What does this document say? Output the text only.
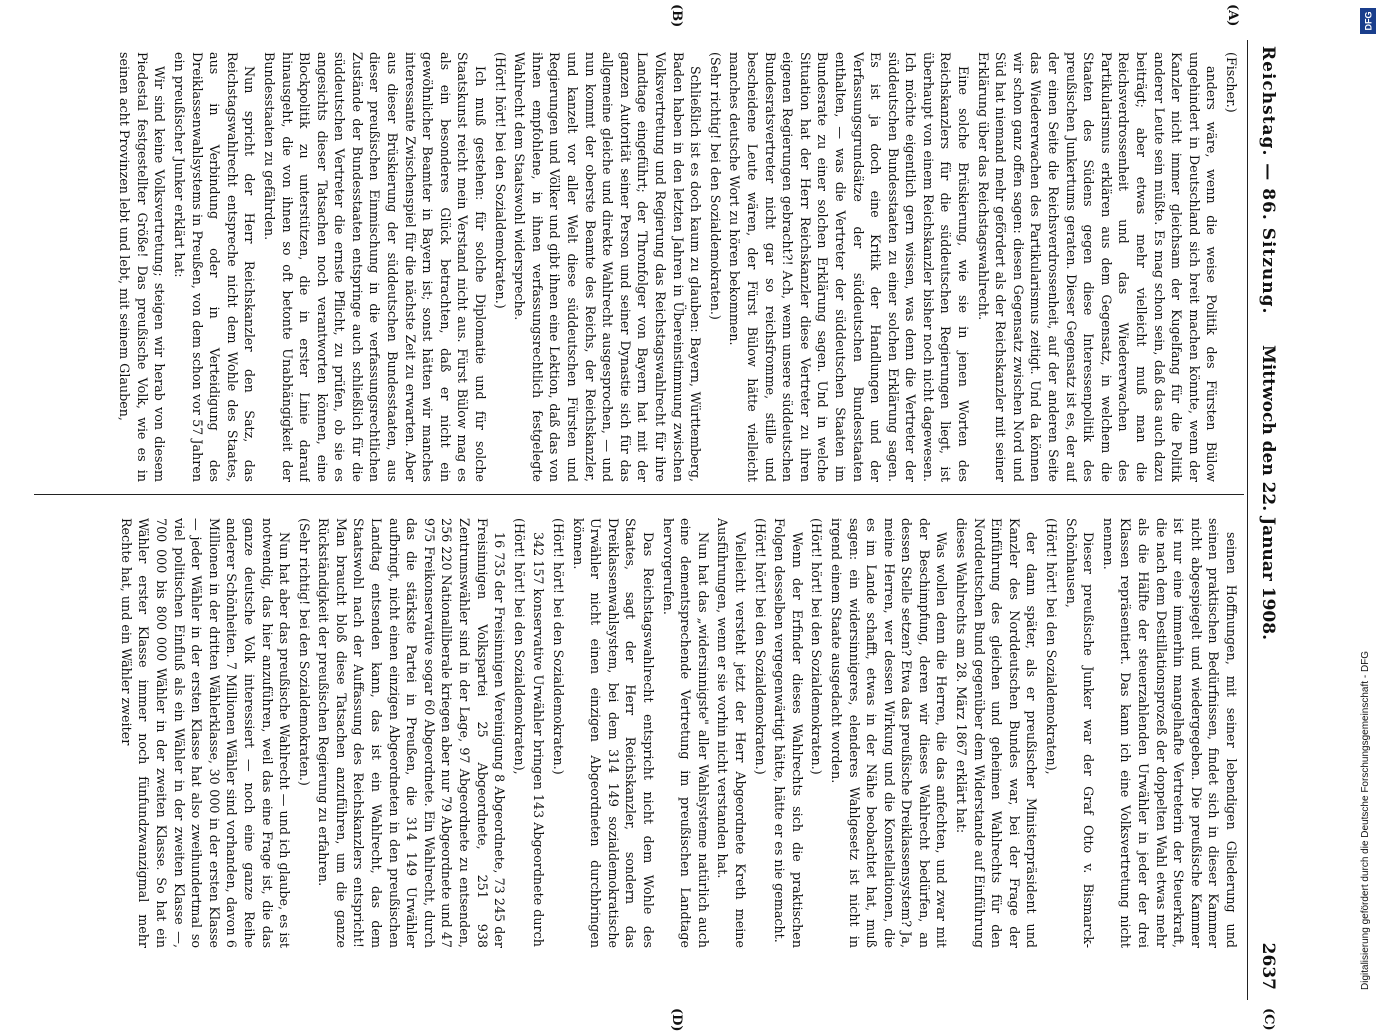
Reichstag. — 86. Sitzung.
Mittwoch den 22. Januar 1908.
2637
(A)
(B)
(C)
(D)

(Fischer.)

anders wäre, wenn die weise Politik des Fürsten Bülow ungehindert in Deutschland sich breit machen könnte, wenn der Kanzler nicht immer gleichsam der Kugelfang für die Politik anderer Leute sein müßte. Es mag schon sein, daß das auch dazu beiträgt; aber etwas mehr vielleicht muß man die Reichsverdrossenheit und das Wiedererwachen des Partikularismus erklären aus dem Gegensatz, in welchem die Staaten des Südens gegen diese Interessenpolitik des preußischen Junkertums geraten. Dieser Gegensatz ist es, der auf der einen Seite die Reichsverdrossenheit, auf der anderen Seite das Wiedererwachen des Partikularismus zeitigt. Und da können wir schon ganz offen sagen: diesen Gegensatz zwischen Nord und Süd hat niemand mehr gefördert als der Reichskanzler mit seiner Erklärung über das Reichstagswahlrecht.

Eine solche Brüskierung, wie sie in jenen Worten des Reichskanzlers für die süddeutschen Regierungen liegt, ist überhaupt von einem Reichskanzler bisher noch nicht dagewesen. Ich möchte eigentlich gern wissen, was denn die Vertreter der süddeutschen Bundesstaaten zu einer solchen Erklärung sagen. Es ist ja doch eine Kritik der Handlungen und der Verfassungsgrundsätze der süddeutschen Bundesstaaten enthalten, — was die Vertreter der süddeutschen Staaten im Bundesrate zu einer solchen Erklärung sagen. Und in welche Situation hat der Herr Reichskanzler diese Vertreter zu ihren eigenen Regierungen gebracht?! Ach, wenn unsere süddeutschen Bundesratsvertreter nicht gar so reichsfromme, stille und bescheidene Leute wären, der Fürst Bülow hätte vielleicht manches deutsche Wort zu hören bekommen.

(Sehr richtig! bei den Sozialdemokraten.)

Schließlich ist es doch kaum zu glauben: Bayern, Württemberg, Baden haben in den letzten Jahren in Übereinstimmung zwischen Volksvertretung und Regierung das Reichstagswahlrecht für ihre Landtage eingeführt; der Thronfolger von Bayern hat mit der ganzen Autorität seiner Person und seiner Dynastie sich für das allgemeine gleiche und direkte Wahlrecht ausgesprochen, — und nun kommt der oberste Beamte des Reichs, der Reichskanzler, und kanzelt vor aller Welt diese süddeutschen Fürsten und Regierungen und Völker und gibt ihnen eine Lektion, daß das von ihnen empfohlene, in ihnen verfassungsrechtlich festgelegte Wahlrecht dem Staatswohl widerspreche.

(Hört! hört! bei den Sozialdemokraten.)

Ich muß gestehen: für solche Diplomatie und für solche Staatskunst reicht mein Verstand nicht aus. Fürst Bülow mag es als ein besonderes Glück betrachten, daß er nicht ein gewöhnlicher Beamter in Bayern ist; sonst hätten wir manches interessante Zwischenspiel für die nächste Zeit zu erwarten. Aber aus dieser Brüskierung der süddeutschen Bundesstaaten, aus dieser preußischen Einmischung in die verfassungsrechtlichen Zustände der Bundesstaaten entspringe auch schließlich für die süddeutschen Vertreter die ernste Pflicht, zu prüfen, ob sie es angesichts dieser Tatsachen noch verantworten können, eine Blockpolitik zu unterstützen, die in erster Linie darauf hinausgeht, die von ihnen so oft betonte Unabhängigkeit der Bundesstaaten zu gefährden.

Nun spricht der Herr Reichskanzler den Satz, das Reichstagswahlrecht entspreche nicht dem Wohle des Staates, aus in Verbindung oder in Verteidigung des Dreiklassenwahlsystems in Preußen, von dem schon vor 57 Jahren ein preußischer Junker erklärt hat:

Wir sind keine Volksvertretung; steigen wir herab von diesem Piedestal festgestellter Größe! Das preußische Volk, wie es in seinen acht Provinzen lebt und lebt, mit seinem Glauben,

seinen Hoffnungen, mit seiner lebendigen Gliederung und seinen praktischen Bedürfnissen, findet sich in dieser Kammer nicht abgespiegelt und wiedergegeben. Die preußische Kammer ist nur eine immerhin mangelhafte Vertreterin der Steuerkraft, die nach dem Destillationsprozeß der doppelten Wahl etwas mehr als die Hälfte der steuerzahlenden Urwähler in jeder der drei Klassen repräsentiert. Das kann ich eine Volksvertretung nicht nennen.

Dieser preußische Junker war der Graf Otto v. Bismarck-Schönhausen,

(Hört! hört! bei den Sozialdemokraten),

der dann später, als er preußischer Ministerpräsident und Kanzler des Norddeutschen Bundes war, bei der Frage der Einführung des gleichen und geheimen Wahlrechts für den Norddeutschen Bund gegenüber dem Widerstande auf Einführung dieses Wahlrechts am 28. März 1867 erklärt hat:

Was wollen denn die Herren, die das anfechten, und zwar mit der Beschimpfung, deren wir dieses Wahlrecht bedürfen, an dessen Stelle setzen? Etwa das preußische Dreiklassensystem? Ja, meine Herren, wer dessen Wirkung und die Konstellationen, die es im Lande schafft, etwas in der Nähe beobachtet hat, muß sagen: ein widersinnigeres, elenderes Wahlgesetz ist nicht in irgend einem Staate ausgedacht worden.

(Hört! hört! bei den Sozialdemokraten.)

Wenn der Erfinder dieses Wahlrechts sich die praktischen Folgen desselben vergegenwärtigt hätte, hätte er es nie gemacht.

(Hört! hört! bei den Sozialdemokraten.)

Vielleicht versteht jetzt der Herr Abgeordnete Kreth meine Ausführungen, wenn er sie vorhin nicht verstanden hat.

Nun hat das „widersinnigste" aller Wahlsysteme natürlich auch eine dementsprechende Vertretung im preußischen Landtage hervorgerufen.

Das Reichstagswahlrecht entspricht nicht dem Wohle des Staates, sagt der Herr Reichskanzler, sondern das Dreiklassenwahlsystem, bei dem 314 149 sozialdemokratische Urwähler nicht einen einzigen Abgeordneten durchbringen können.

(Hört! hört! bei den Sozialdemokraten.)

342 157 konservative Urwähler bringen 143 Abgeordnete durch

(Hört! hört! bei den Sozialdemokraten),

16 735 der Freisinnigen Vereinigung 8 Abgeordnete, 73 245 der Freisinnigen Volkspartei 25 Abgeordnete, 251 938 Zentrumswähler sind in der Lage, 97 Abgeordnete zu entsenden, 256 220 Nationalliberale kriegen aber nur 79 Abgeordnete und 47 975 Freikonservative sogar 60 Abgeordnete. Ein Wahlrecht, durch das die stärkste Partei in Preußen, die 314 149 Urwähler aufbringt, nicht einen einzigen Abgeordneten in den preußischen Landtag entsenden kann, das ist ein Wahlrecht, das dem Staatswohl nach der Auffassung des Reichskanzlers entspricht! Man braucht bloß diese Tatsachen anzuführen, um die ganze Rückständigkeit der preußischen Regierung zu erfahren.

(Sehr richtig! bei den Sozialdemokraten.)

Nun hat aber das preußische Wahlrecht — und ich glaube, es ist notwendig, das hier anzuführen, weil das eine Frage ist, die das ganze deutsche Volk interessiert — noch eine ganze Reihe anderer Schönheiten. 7 Millionen Wähler sind vorhanden, davon 6 Millionen in der dritten Wählerklasse, 30 000 in der ersten Klasse — jeder Wähler in der ersten Klasse hat also zweihundertmal so viel politischen Einfluß als ein Wähler in der zweiten Klasse —, 700 000 bis 800 000 Wähler in der zweiten Klasse. So hat ein Wähler erster Klasse immer noch fünfundzwanzigmal mehr Rechte hat, und ein Wähler zweiter

DFG
Digitalisierung gefördert durch die Deutsche Forschungsgemeinschaft - DFG
